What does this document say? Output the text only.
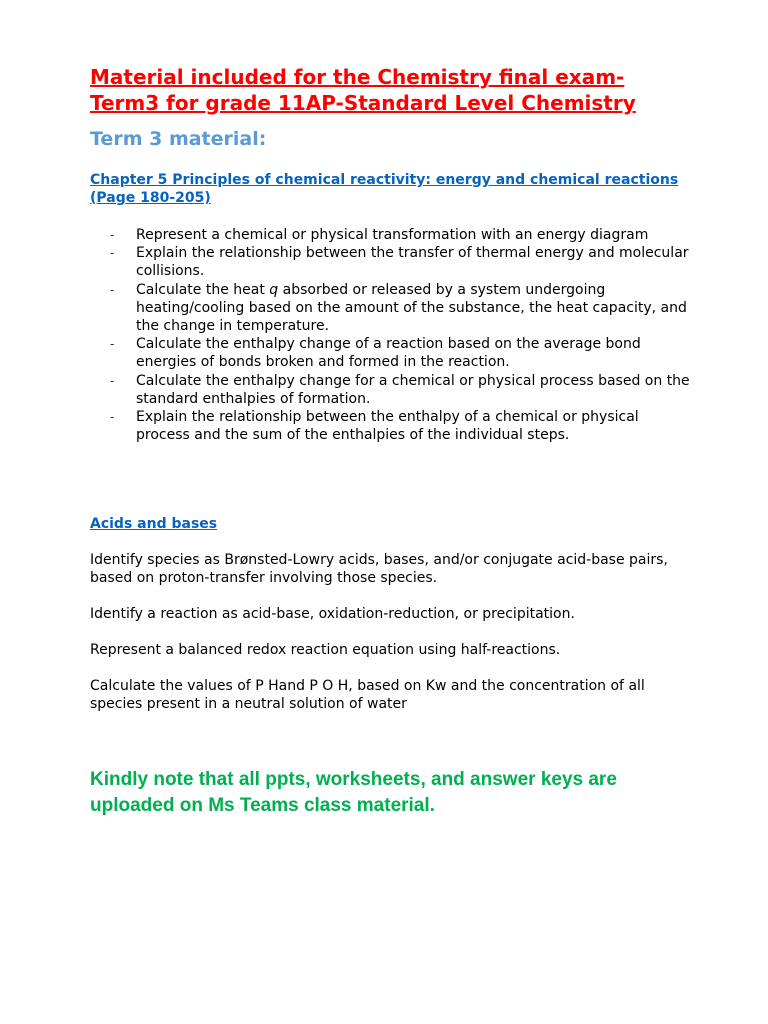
Material included for the Chemistry final exam-Term3 for grade 11AP-Standard Level Chemistry
Term 3 material:
Chapter 5 Principles of chemical reactivity: energy and chemical reactions (Page 180-205)
- Represent a chemical or physical transformation with an energy diagram
- Explain the relationship between the transfer of thermal energy and molecular collisions.
- Calculate the heat q absorbed or released by a system undergoing heating/cooling based on the amount of the substance, the heat capacity, and the change in temperature.
- Calculate the enthalpy change of a reaction based on the average bond energies of bonds broken and formed in the reaction.
- Calculate the enthalpy change for a chemical or physical process based on the standard enthalpies of formation.
- Explain the relationship between the enthalpy of a chemical or physical process and the sum of the enthalpies of the individual steps.
Acids and bases

Identify species as Brønsted-Lowry acids, bases, and/or conjugate acid-base pairs, based on proton-transfer involving those species.

Identify a reaction as acid-base, oxidation-reduction, or precipitation.

Represent a balanced redox reaction equation using half-reactions.

Calculate the values of P Hand P O H, based on Kw and the concentration of all species present in a neutral solution of water

Kindly note that all ppts, worksheets, and answer keys are uploaded on Ms Teams class material.
